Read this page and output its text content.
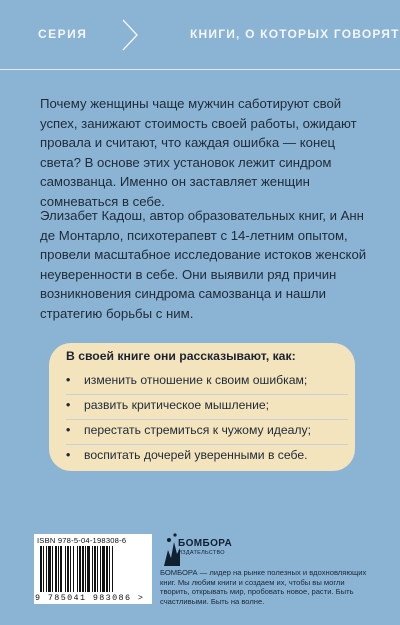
СЕРИЯ	КНИГИ, О КОТОРЫХ ГОВОРЯТ

Почему женщины чаще мужчин саботируют свой успех, занижают стоимость своей работы, ожидают провала и считают, что каждая ошибка — конец света? В основе этих установок лежит синдром самозванца. Именно он заставляет женщин сомневаться в себе.

Элизабет Кадош, автор образовательных книг, и Анн де Монтарло, психотерапевт с 14-летним опытом, провели масштабное исследование истоков женской неуверенности в себе. Они выявили ряд причин возникновения синдрома самозванца и нашли стратегию борьбы с ним.

В своей книге они рассказывают, как:
•	изменить отношение к своим ошибкам;
•	развить критическое мышление;
•	перестать стремиться к чужому идеалу;
•	воспитать дочерей уверенными в себе.
ISBN 978-5-04-198308-6
9 785041 983086 >
БОМБОРА
ИЗДАТЕЛЬСТВО

БОМБОРА — лидер на рынке полезных и вдохновляющих книг. Мы любим книги и создаем их, чтобы вы могли творить, открывать мир, пробовать новое, расти. Быть счастливыми. Быть на волне.
